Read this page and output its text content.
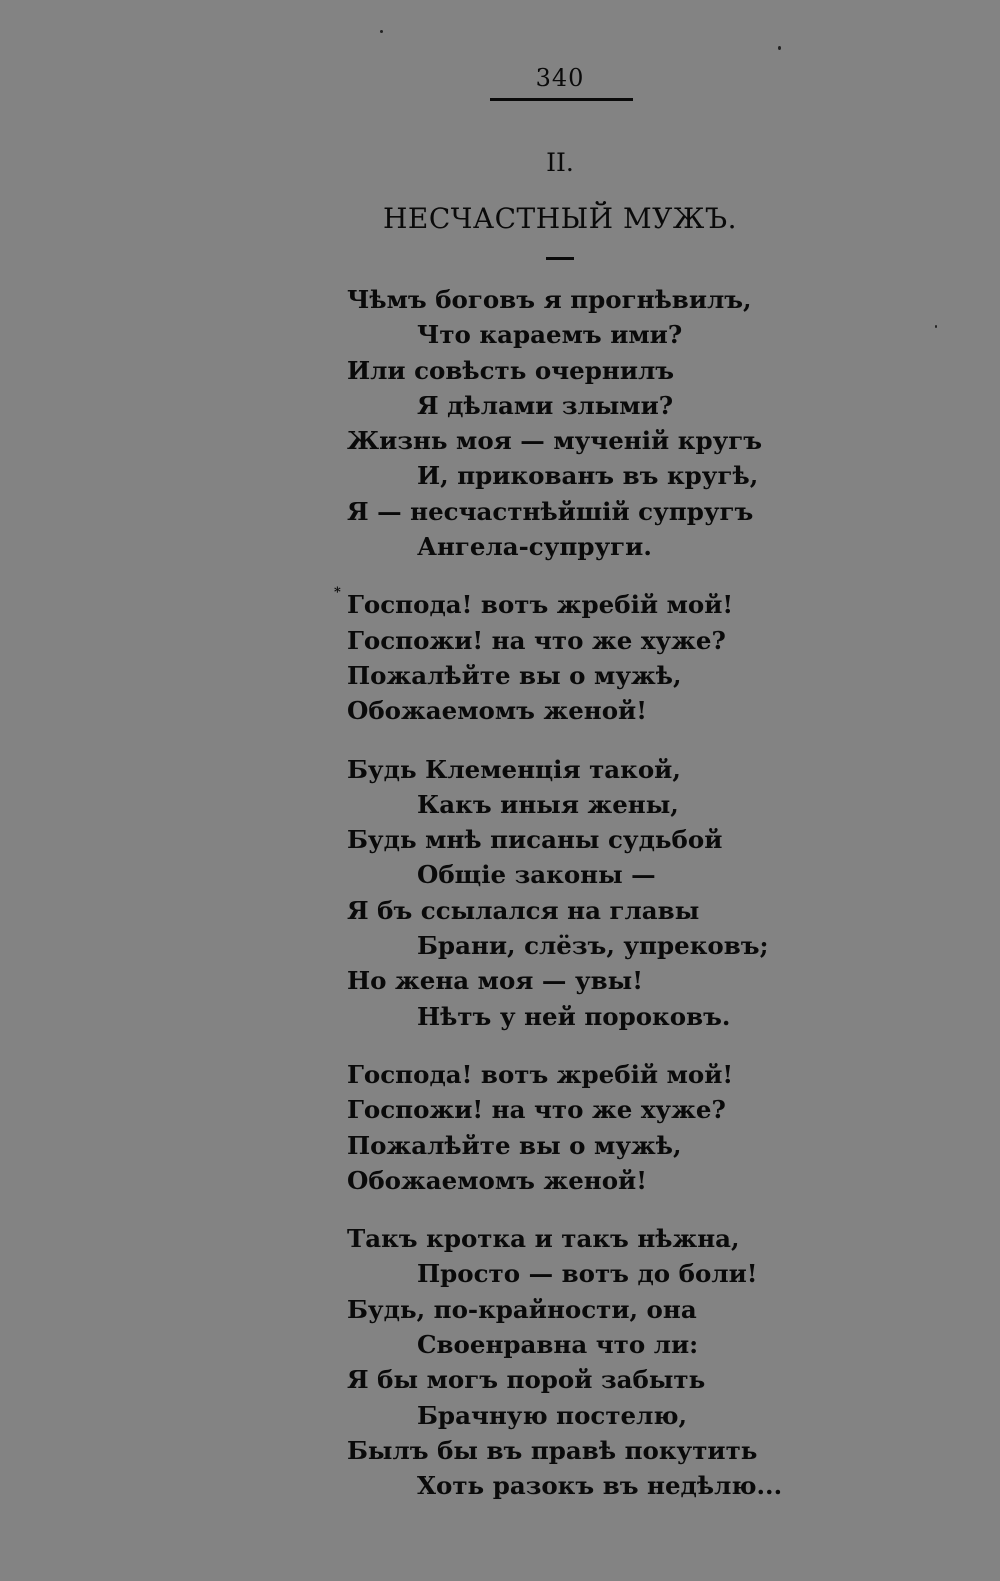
340
II.
НЕСЧАСТНЫЙ МУЖЪ.
*
Чѣмъ боговъ я прогнѣвилъ,
Что караемъ ими?
Или совѣсть очернилъ
Я дѣлами злыми?
Жизнь моя — мученій кругъ
И, прикованъ въ кругѣ,
Я — несчастнѣйшій супругъ
Ангела-супруги.
Господа! вотъ жребій мой!
Госпожи! на что же хуже?
Пожалѣйте вы о мужѣ,
Обожаемомъ женой!
Будь Клеменція такой,
Какъ иныя жены,
Будь мнѣ писаны судьбой
Общіе законы —
Я бъ ссылался на главы
Брани, слёзъ, упрековъ;
Но жена моя — увы!
Нѣтъ у ней пороковъ.
Господа! вотъ жребій мой!
Госпожи! на что же хуже?
Пожалѣйте вы о мужѣ,
Обожаемомъ женой!
Такъ кротка и такъ нѣжна,
Просто — вотъ до боли!
Будь, по-крайности, она
Своенравна что ли:
Я бы могъ порой забыть
Брачную постелю,
Былъ бы въ правѣ покутить
Хоть разокъ въ недѣлю...
